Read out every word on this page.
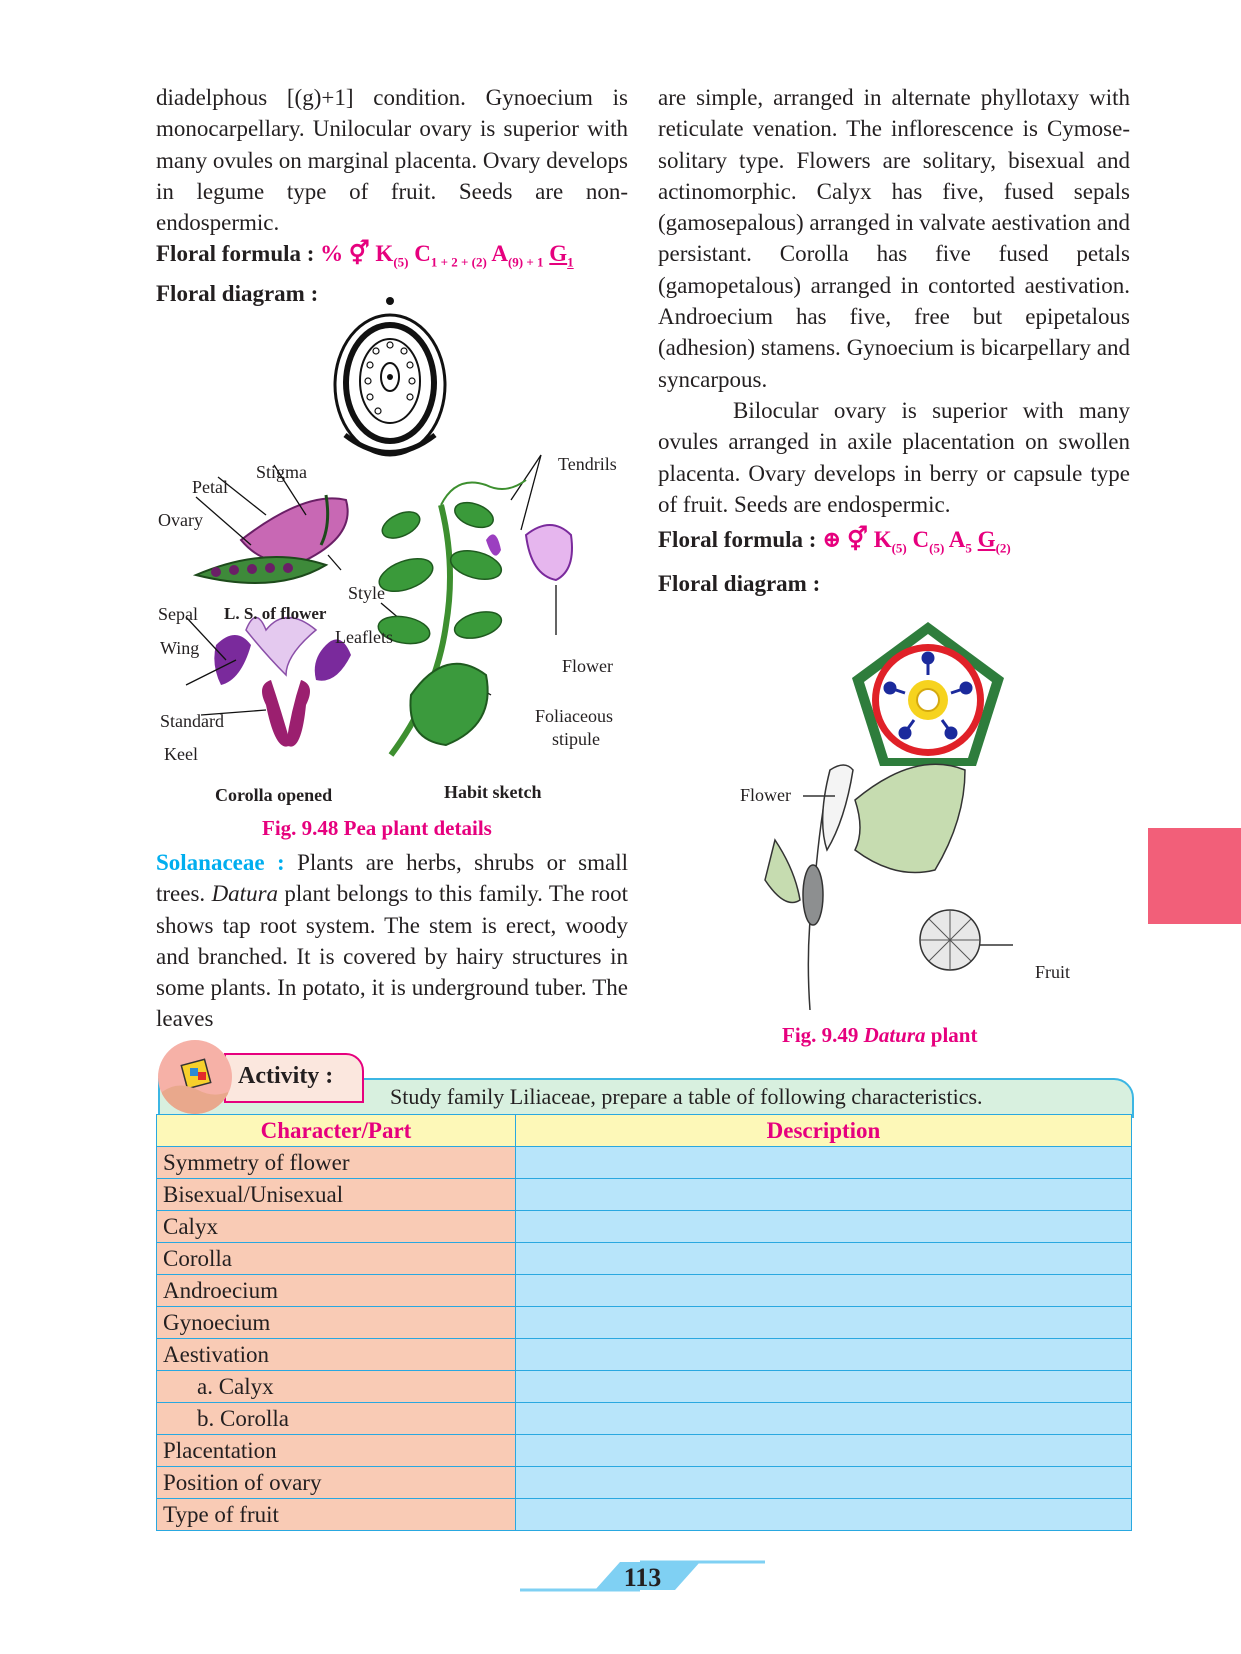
diadelphous [(g)+1] condition. Gynoecium is monocarpellary. Unilocular ovary is superior with many ovules on marginal placenta. Ovary develops in legume type of fruit. Seeds are non-endospermic.

Floral formula : % ⚥ $K_{(5)}$ $C_{1 + 2 + (2)}$ $A_{(9) + 1}$ $G_1$

Floral diagram :

Stigma
Petal
Ovary
Style
Sepal L. S. of flower
Wing
Leaflets
Tendrils
Flower
Standard	Foliaceous
stipule
Keel
Corolla opened	Habit sketch
Fig. 9.48 Pea plant details

Solanaceae : Plants are herbs, shrubs or small trees. Datura plant belongs to this family. The root shows tap root system. The stem is erect, woody and branched. It is covered by hairy structures in some plants. In potato, it is underground tuber. The leaves

are simple, arranged in alternate phyllotaxy with reticulate venation. The inflorescence is Cymose- solitary type. Flowers are solitary, bisexual and actinomorphic. Calyx has five, fused sepals (gamosepalous) arranged in valvate aestivation and persistant. Corolla has five fused petals (gamopetalous) arranged in contorted aestivation. Androecium has five, free but epipetalous (adhesion) stamens. Gynoecium is bicarpellary and syncarpous.

Bilocular ovary is superior with many ovules arranged in axile placentation on swollen placenta. Ovary develops in berry or capsule type of fruit. Seeds are endospermic.

Floral formula : ⊕ ⚥ $K_{(5)}$ $C_{(5)}$ $A_5$ $G_{(2)}$

Floral diagram :

Flower
Fruit
Fig. 9.49 Datura plant
Study family Liliaceae, prepare a table of following characteristics.
Activity :
Character/Part	Description
Symmetry of flower	
Bisexual/Unisexual	
Calyx	
Corolla	
Androecium	
Gynoecium	
Aestivation	
a. Calyx	
b. Corolla	
Placentation	
Position of ovary	
Type of fruit	
113
